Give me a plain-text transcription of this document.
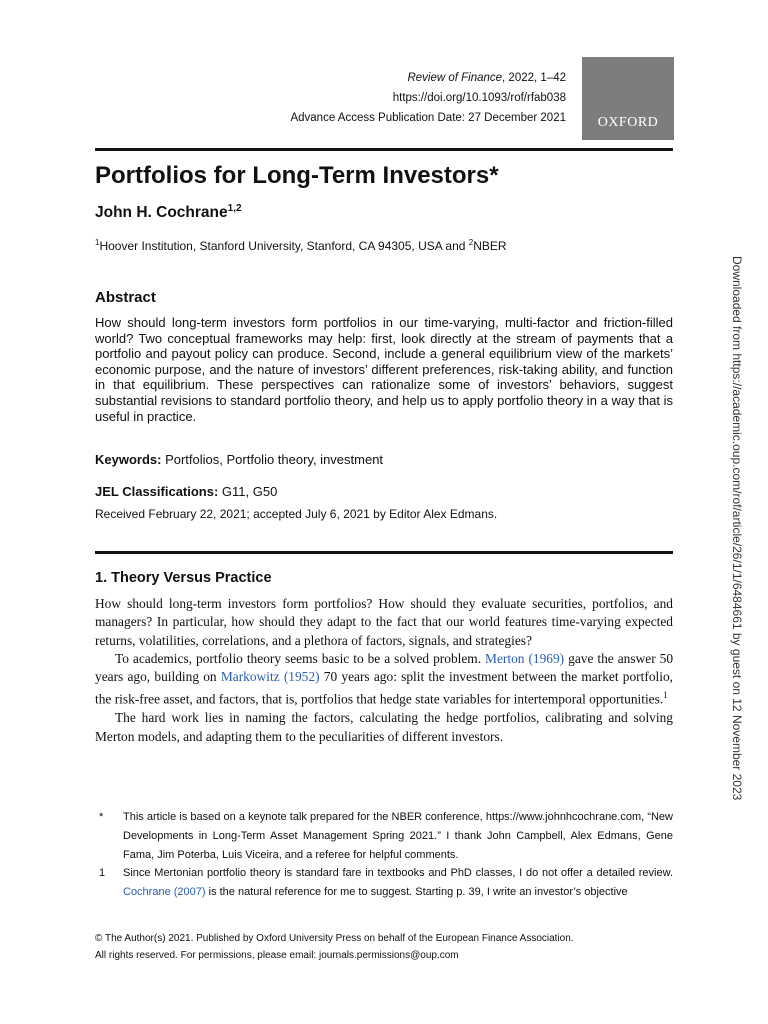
Review of Finance, 2022, 1–42
https://doi.org/10.1093/rof/rfab038
Advance Access Publication Date: 27 December 2021 OXFORD
Portfolios for Long-Term Investors*
John H. Cochrane$^{1,2}$
$^1$Hoover Institution, Stanford University, Stanford, CA 94305, USA and $^2$NBER
Abstract
How should long-term investors form portfolios in our time-varying, multi-factor and friction-filled world? Two conceptual frameworks may help: first, look directly at the stream of payments that a portfolio and payout policy can produce. Second, include a general equilibrium view of the markets’ economic purpose, and the nature of investors’ different preferences, risk-taking ability, and function in that equilibrium. These perspectives can rationalize some of investors’ behaviors, suggest substantial revisions to standard portfolio theory, and help us to apply portfolio theory in a way that is useful in practice.
Keywords: Portfolios, Portfolio theory, investment
JEL Classifications: G11, G50
Received February 22, 2021; accepted July 6, 2021 by Editor Alex Edmans.
1. Theory Versus Practice

How should long-term investors form portfolios? How should they evaluate securities, portfolios, and managers? In particular, how should they adapt to the fact that our world features time-varying expected returns, volatilities, correlations, and a plethora of factors, signals, and strategies?

To academics, portfolio theory seems basic to be a solved problem. Merton (1969) gave the answer 50 years ago, building on Markowitz (1952) 70 years ago: split the investment between the market portfolio, the risk-free asset, and factors, that is, portfolios that hedge state variables for intertemporal opportunities.$^1$

The hard work lies in naming the factors, calculating the hedge portfolios, calibrating and solving Merton models, and adapting them to the peculiarities of different investors.

*	This article is based on a keynote talk prepared for the NBER conference, https://www.johnhcochrane.com, “New Developments in Long-Term Asset Management Spring 2021.” I thank John Campbell, Alex Edmans, Gene Fama, Jim Poterba, Luis Viceira, and a referee for helpful comments.
1	Since Mertonian portfolio theory is standard fare in textbooks and PhD classes, I do not offer a detailed review. Cochrane (2007) is the natural reference for me to suggest. Starting p. 39, I write an investor’s objective
© The Author(s) 2021. Published by Oxford University Press on behalf of the European Finance Association.
All rights reserved. For permissions, please email: journals.permissions@oup.com
Downloaded from https://academic.oup.com/rof/article/26/1/1/6484661 by guest on 12 November 2023
